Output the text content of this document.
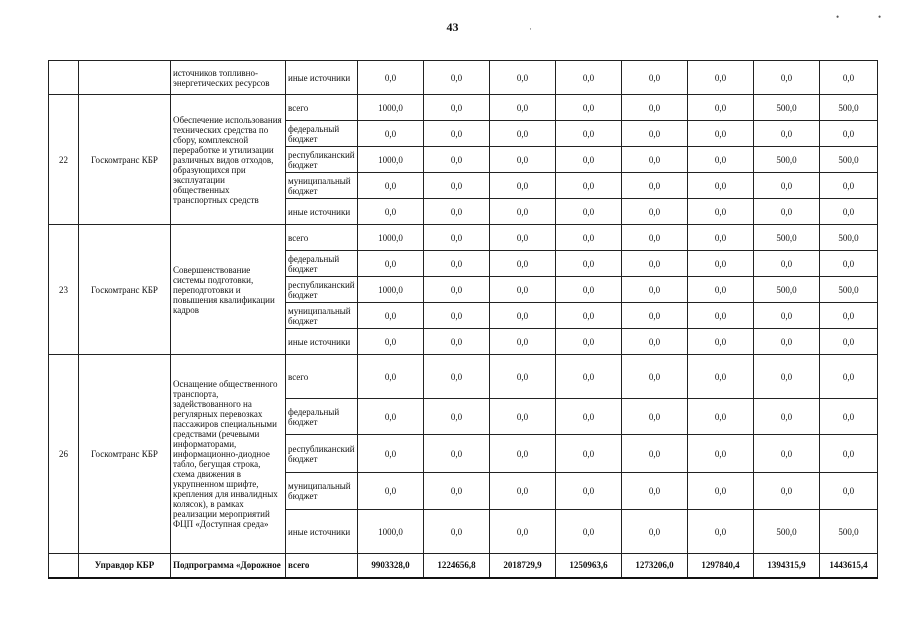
43	·
•	•
		источников топливно-энергетических ресурсов	иные источники	0,0	0,0	0,0	0,0	0,0	0,0	0,0	0,0
22	Госкомтранс КБР	Обеспечение использования технических средства по сбору, комплексной переработке и утилизации различных видов отходов, образующихся при эксплуатации общественных транспортных средств	всего	1000,0	0,0	0,0	0,0	0,0	0,0	500,0	500,0
			федеральный бюджет	0,0	0,0	0,0	0,0	0,0	0,0	0,0	0,0
			республиканский бюджет	1000,0	0,0	0,0	0,0	0,0	0,0	500,0	500,0
			муниципальный бюджет	0,0	0,0	0,0	0,0	0,0	0,0	0,0	0,0
			иные источники	0,0	0,0	0,0	0,0	0,0	0,0	0,0	0,0
23	Госкомтранс КБР	Совершенствование системы подготовки, переподготовки и повышения квалификации кадров	всего	1000,0	0,0	0,0	0,0	0,0	0,0	500,0	500,0
			федеральный бюджет	0,0	0,0	0,0	0,0	0,0	0,0	0,0	0,0
			республиканский бюджет	1000,0	0,0	0,0	0,0	0,0	0,0	500,0	500,0
			муниципальный бюджет	0,0	0,0	0,0	0,0	0,0	0,0	0,0	0,0
			иные источники	0,0	0,0	0,0	0,0	0,0	0,0	0,0	0,0
26	Госкомтранс КБР	Оснащение общественного транспорта, задействованного на регулярных перевозках пассажиров специальными средствами (речевыми информаторами, информационно-диодное табло, бегущая строка, схема движения в укрупненном шрифте, крепления для инвалидных колясок), в рамках реализации мероприятий ФЦП «Доступная среда»	всего	0,0	0,0	0,0	0,0	0,0	0,0	0,0	0,0
			федеральный бюджет	0,0	0,0	0,0	0,0	0,0	0,0	0,0	0,0
			республиканский бюджет	0,0	0,0	0,0	0,0	0,0	0,0	0,0	0,0
			муниципальный бюджет	0,0	0,0	0,0	0,0	0,0	0,0	0,0	0,0
			иные источники	1000,0	0,0	0,0	0,0	0,0	0,0	500,0	500,0
	Управдор КБР	Подпрограмма «Дорожное	всего	9903328,0	1224656,8	2018729,9	1250963,6	1273206,0	1297840,4	1394315,9	1443615,4
